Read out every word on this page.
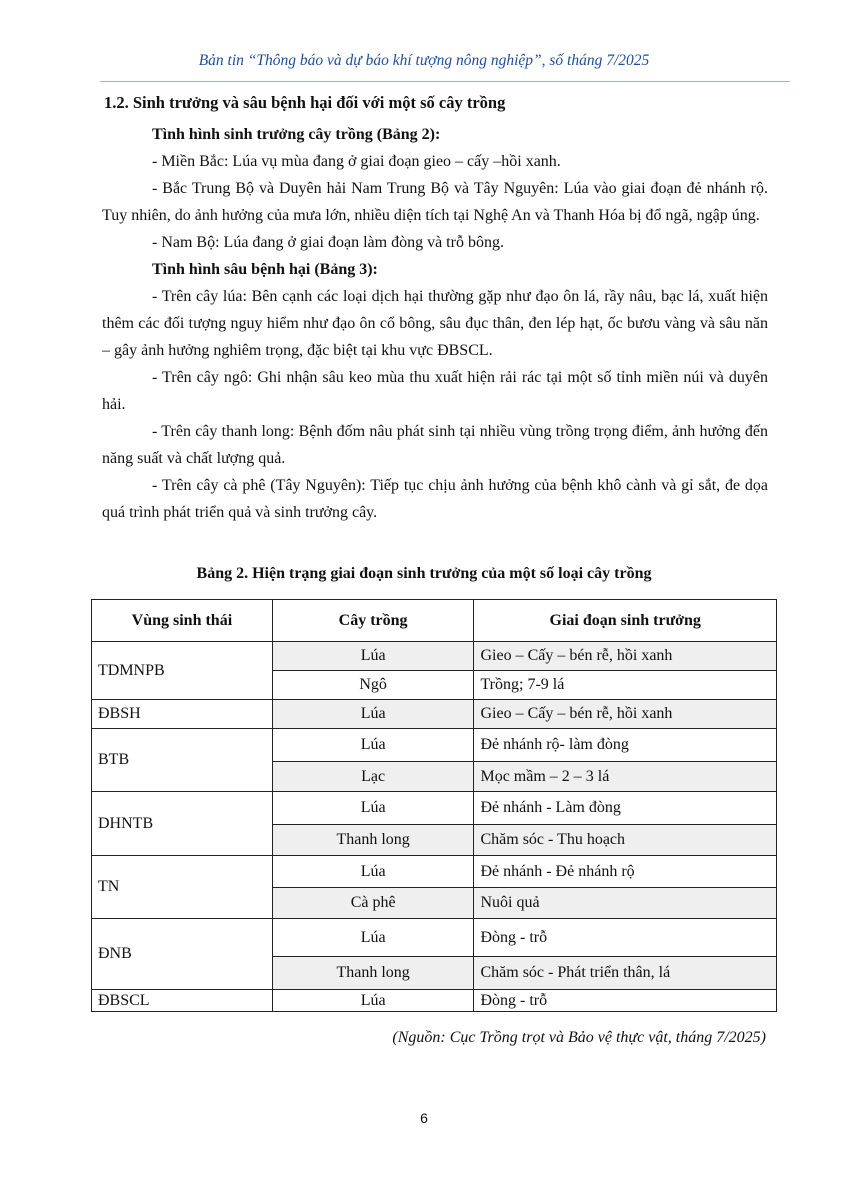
Bản tin “Thông báo và dự báo khí tượng nông nghiệp”, số tháng 7/2025
1.2. Sinh trưởng và sâu bệnh hại đối với một số cây trồng

Tình hình sinh trưởng cây trồng (Bảng 2):

- Miền Bắc: Lúa vụ mùa đang ở giai đoạn gieo – cấy –hồi xanh.

- Bắc Trung Bộ và Duyên hải Nam Trung Bộ và Tây Nguyên: Lúa vào giai đoạn đẻ nhánh rộ. Tuy nhiên, do ảnh hưởng của mưa lớn, nhiều diện tích tại Nghệ An và Thanh Hóa bị đổ ngã, ngập úng.

- Nam Bộ: Lúa đang ở giai đoạn làm đòng và trỗ bông.

Tình hình sâu bệnh hại (Bảng 3):

- Trên cây lúa: Bên cạnh các loại dịch hại thường gặp như đạo ôn lá, rầy nâu, bạc lá, xuất hiện thêm các đối tượng nguy hiểm như đạo ôn cổ bông, sâu đục thân, đen lép hạt, ốc bươu vàng và sâu năn – gây ảnh hưởng nghiêm trọng, đặc biệt tại khu vực ĐBSCL.

- Trên cây ngô: Ghi nhận sâu keo mùa thu xuất hiện rải rác tại một số tỉnh miền núi và duyên hải.

- Trên cây thanh long: Bệnh đốm nâu phát sinh tại nhiều vùng trồng trọng điểm, ảnh hưởng đến năng suất và chất lượng quả.

- Trên cây cà phê (Tây Nguyên): Tiếp tục chịu ảnh hưởng của bệnh khô cành và gỉ sắt, đe dọa quá trình phát triển quả và sinh trưởng cây.

Bảng 2. Hiện trạng giai đoạn sinh trưởng của một số loại cây trồng
Vùng sinh thái	Cây trồng	Giai đoạn sinh trưởng
TDMNPB	Lúa	Gieo – Cấy – bén rễ, hồi xanh
	Ngô	Trồng; 7-9 lá
ĐBSH	Lúa	Gieo – Cấy – bén rễ, hồi xanh
BTB	Lúa	Đẻ nhánh rộ- làm đòng
	Lạc	Mọc mầm – 2 – 3 lá
DHNTB	Lúa	Đẻ nhánh - Làm đòng
	Thanh long	Chăm sóc - Thu hoạch
TN	Lúa	Đẻ nhánh - Đẻ nhánh rộ
	Cà phê	Nuôi quả
ĐNB	Lúa	Đòng - trỗ
	Thanh long	Chăm sóc - Phát triển thân, lá
ĐBSCL	Lúa	Đòng - trỗ
(Nguồn: Cục Trồng trọt và Bảo vệ thực vật, tháng 7/2025)
6
